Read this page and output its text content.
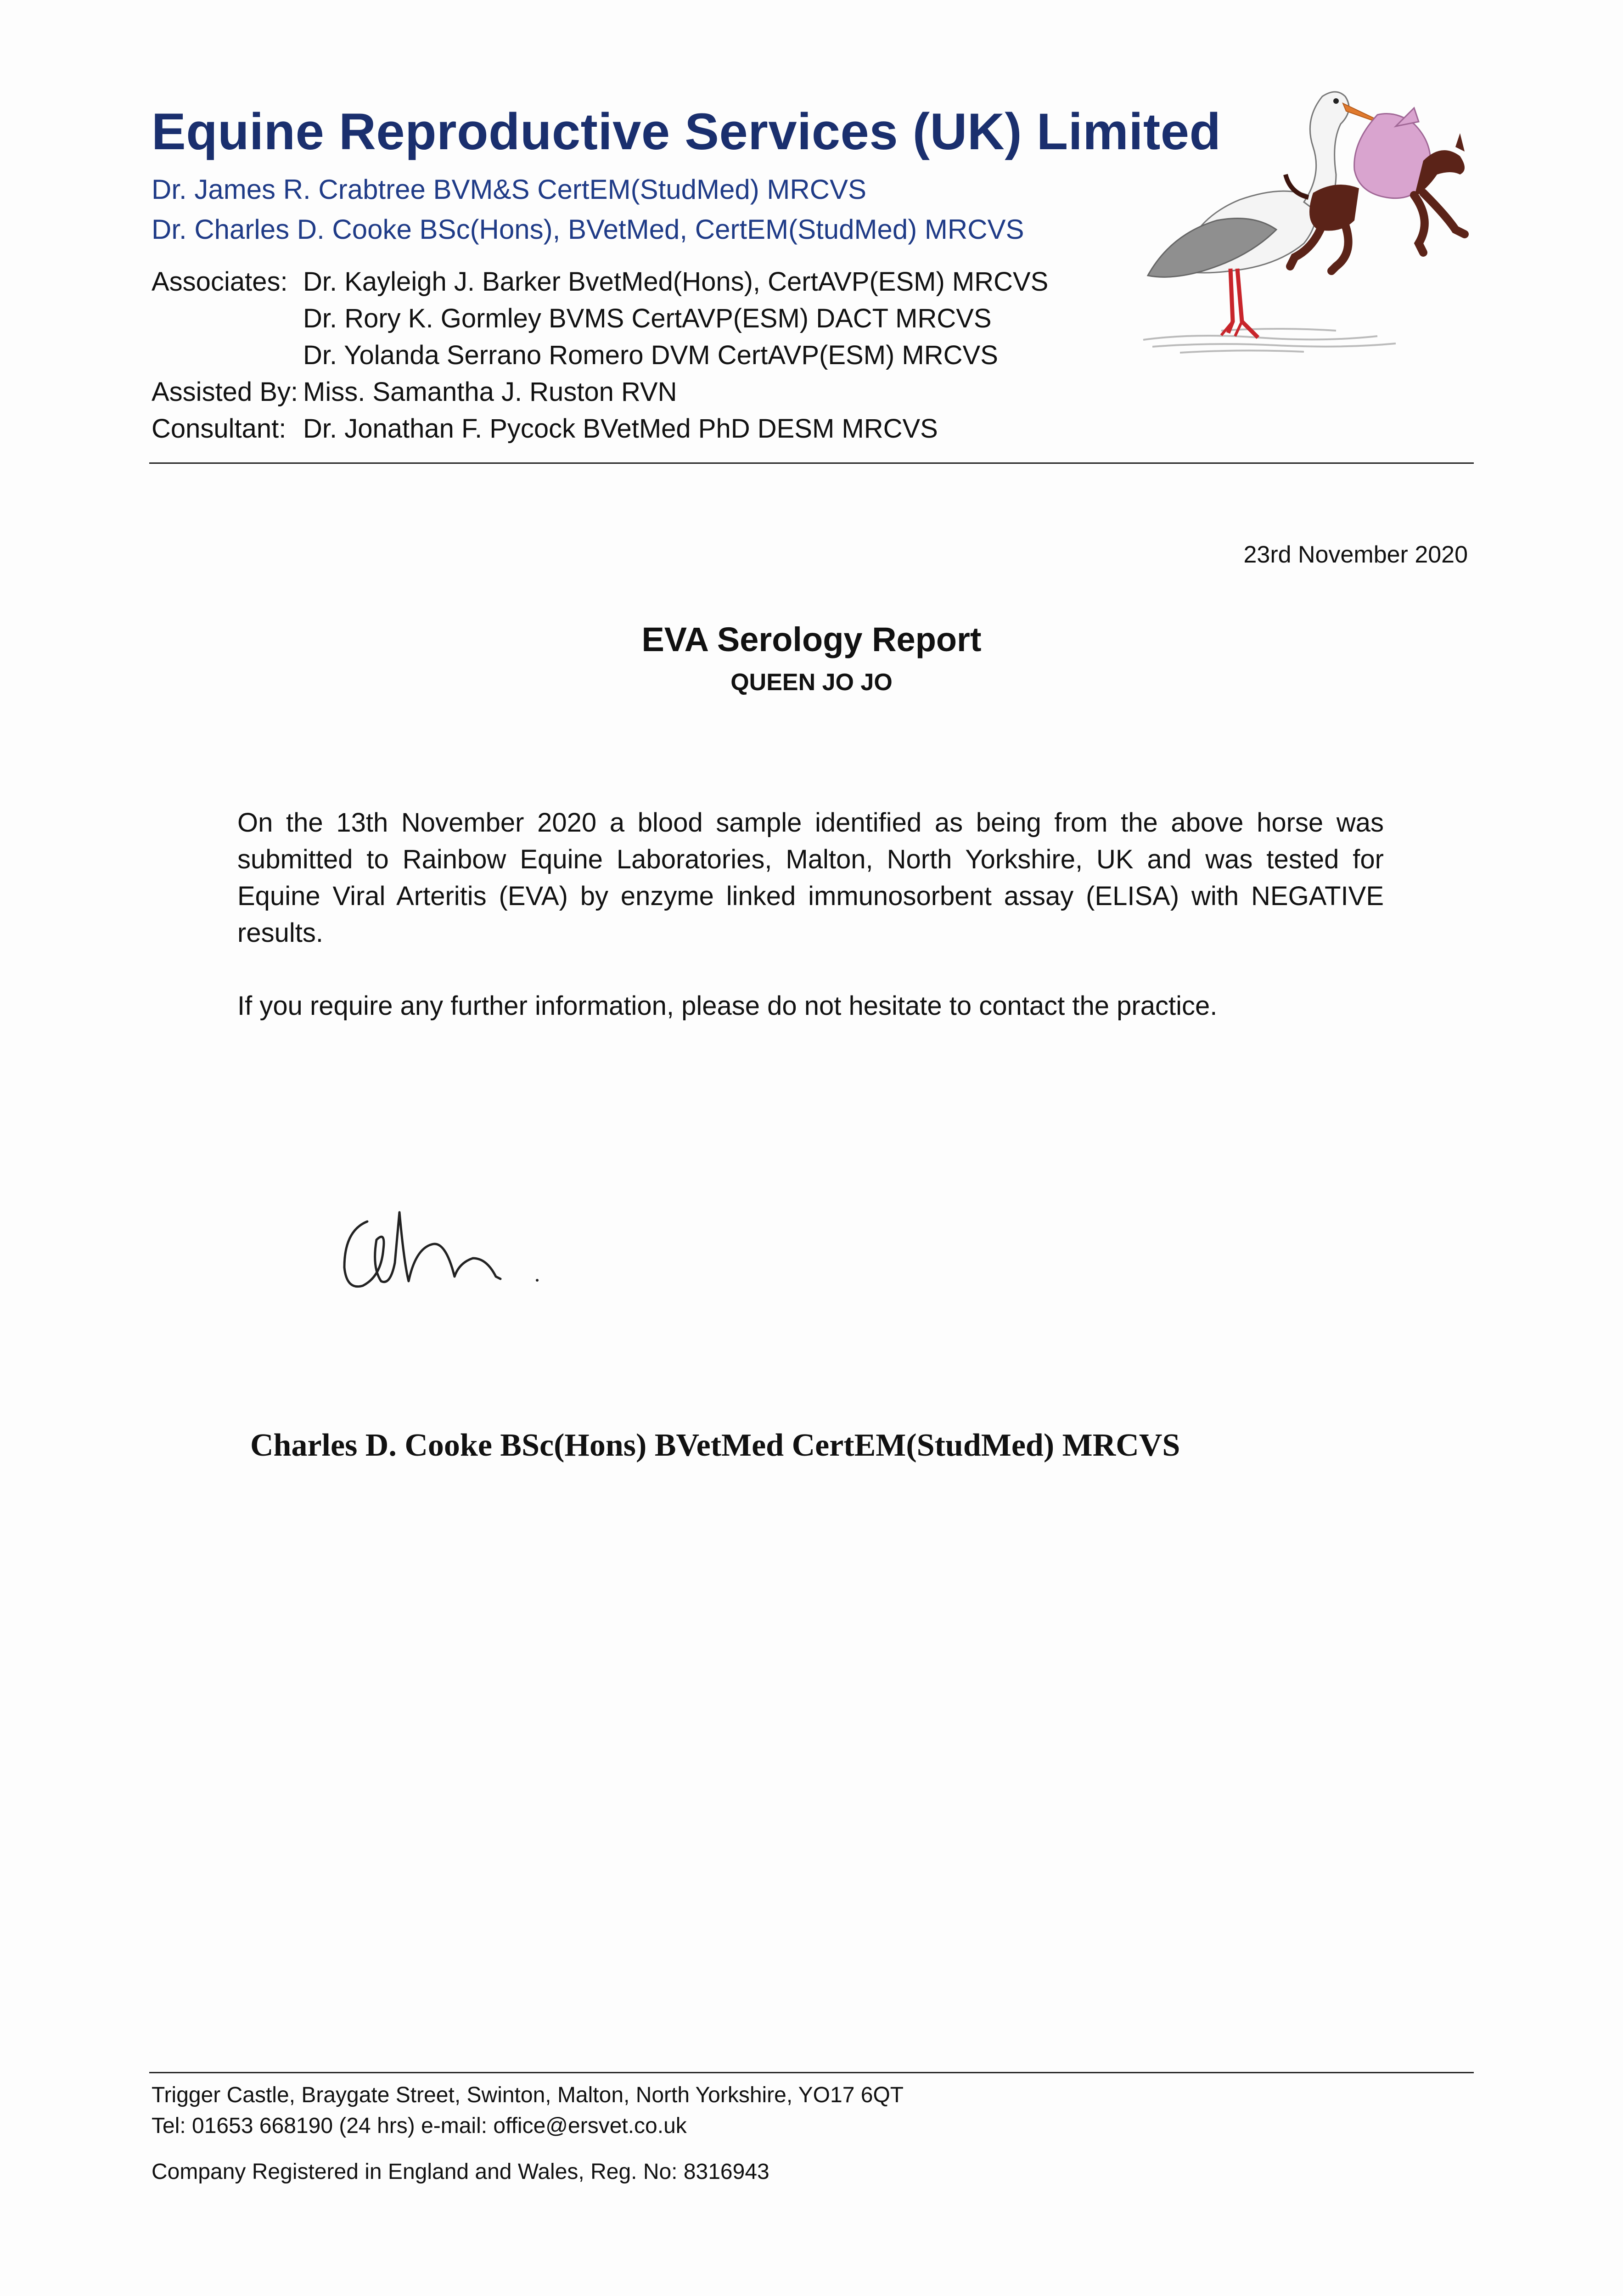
Equine Reproductive Services (UK) Limited
Dr. James R. Crabtree BVM&S CertEM(StudMed) MRCVS
Dr. Charles D. Cooke BSc(Hons), BVetMed, CertEM(StudMed) MRCVS
Associates: Dr. Kayleigh J. Barker BvetMed(Hons), CertAVP(ESM) MRCVS
Dr. Rory K. Gormley BVMS CertAVP(ESM) DACT MRCVS
Dr. Yolanda Serrano Romero DVM CertAVP(ESM) MRCVS
Assisted By: Miss. Samantha J. Ruston RVN
Consultant: Dr. Jonathan F. Pycock BVetMed PhD DESM MRCVS
23rd November 2020
EVA Serology Report
QUEEN JO JO
On the 13th November 2020 a blood sample identified as being from the above horse was submitted to Rainbow Equine Laboratories, Malton, North Yorkshire, UK and was tested for Equine Viral Arteritis (EVA) by enzyme linked immunosorbent assay (ELISA) with NEGATIVE results.
If you require any further information, please do not hesitate to contact the practice.
Charles D. Cooke BSc(Hons) BVetMed CertEM(StudMed) MRCVS
Trigger Castle, Braygate Street, Swinton, Malton, North Yorkshire, YO17 6QT
Tel: 01653 668190 (24 hrs) e-mail: office@ersvet.co.uk
Company Registered in England and Wales, Reg. No: 8316943
